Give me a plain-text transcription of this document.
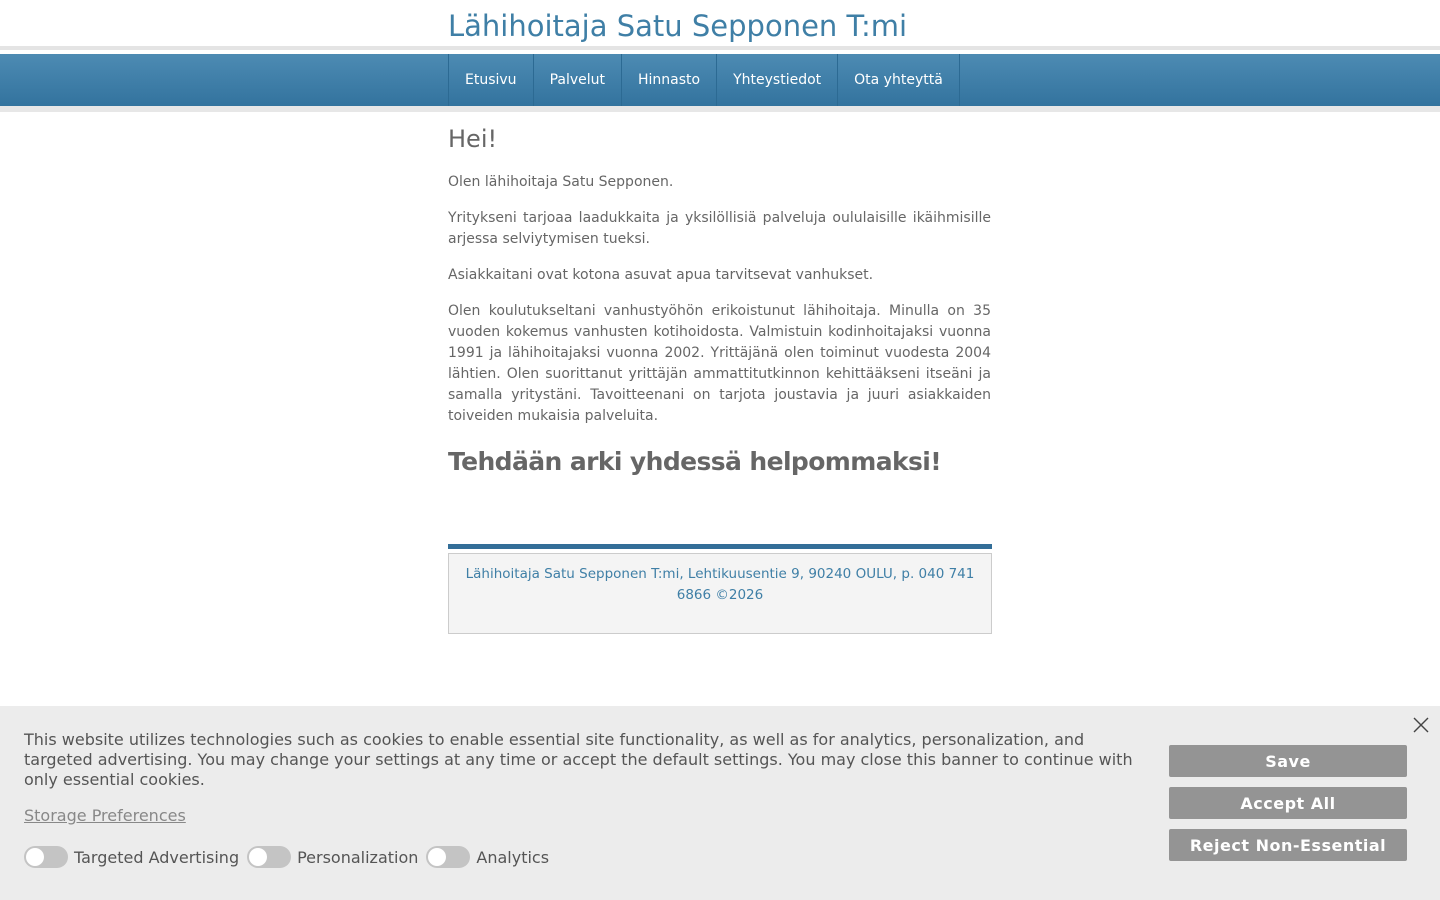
Lähihoitaja Satu Sepponen T:mi
Etusivu	Palvelut	Hinnasto	Yhteystiedot	Ota yhteyttä
Hei!

Olen lähihoitaja Satu Sepponen.

Yritykseni tarjoaa laadukkaita ja yksilöllisiä palveluja oululaisille ikäihmisille arjessa selviytymisen tueksi.

Asiakkaitani ovat kotona asuvat apua tarvitsevat vanhukset.

Olen koulutukseltani vanhustyöhön erikoistunut lähihoitaja. Minulla on 35 vuoden kokemus vanhusten kotihoidosta. Valmistuin kodinhoitajaksi vuonna 1991 ja lähihoitajaksi vuonna 2002. Yrittäjänä olen toiminut vuodesta 2004 lähtien. Olen suorittanut yrittäjän ammattitutkinnon kehittääkseni itseäni ja samalla yritystäni. Tavoitteenani on tarjota joustavia ja juuri asiakkaiden toiveiden mukaisia palveluita.

Tehdään arki yhdessä helpommaksi!
Lähihoitaja Satu Sepponen T:mi, Lehtikuusentie 9, 90240 OULU, p. 040 741 6866 ©2026

This website utilizes technologies such as cookies to enable essential site functionality, as well as for analytics, personalization, and targeted advertising. You may change your settings at any time or accept the default settings. You may close this banner to continue with only essential cookies.

Storage Preferences
Targeted Advertising	Personalization	Analytics
Save
Accept All
Reject Non-Essential
